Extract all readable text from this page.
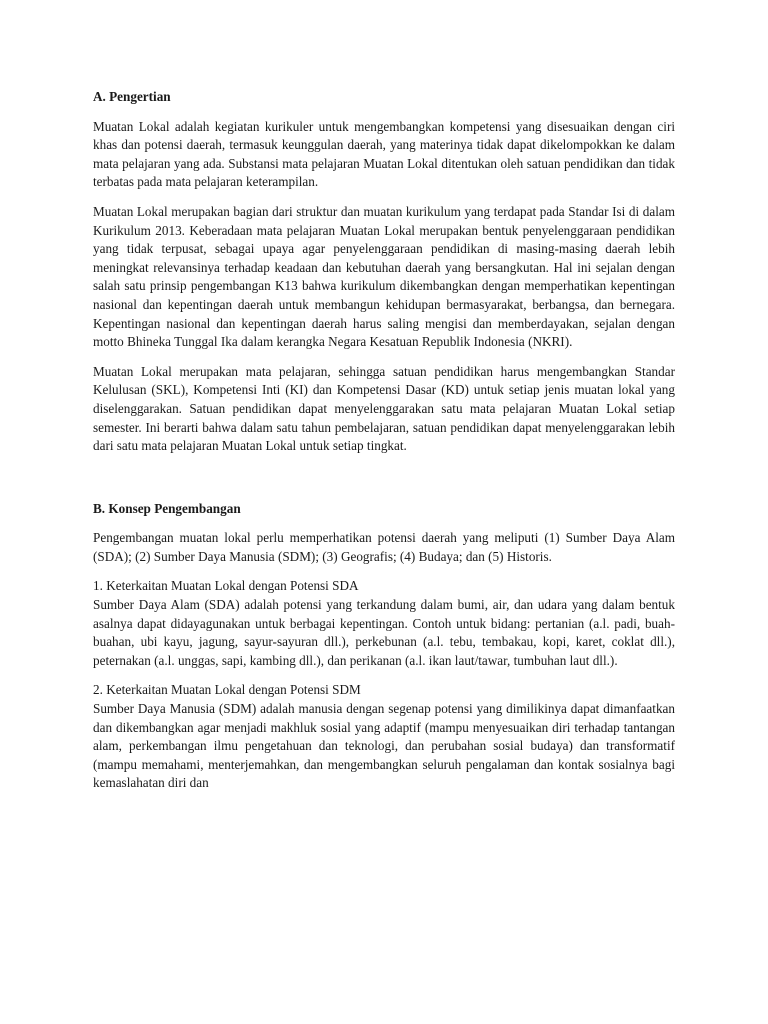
A. Pengertian

Muatan Lokal adalah kegiatan kurikuler untuk mengembangkan kompetensi yang disesuaikan dengan ciri khas dan potensi daerah, termasuk keunggulan daerah, yang materinya tidak dapat dikelompokkan ke dalam mata pelajaran yang ada. Substansi mata pelajaran Muatan Lokal ditentukan oleh satuan pendidikan dan tidak terbatas pada mata pelajaran keterampilan.

Muatan Lokal merupakan bagian dari struktur dan muatan kurikulum yang terdapat pada Standar Isi di dalam Kurikulum 2013. Keberadaan mata pelajaran Muatan Lokal merupakan bentuk penyelenggaraan pendidikan yang tidak terpusat, sebagai upaya agar penyelenggaraan pendidikan di masing-masing daerah lebih meningkat relevansinya terhadap keadaan dan kebutuhan daerah yang bersangkutan. Hal ini sejalan dengan salah satu prinsip pengembangan K13 bahwa kurikulum dikembangkan dengan memperhatikan kepentingan nasional dan kepentingan daerah untuk membangun kehidupan bermasyarakat, berbangsa, dan bernegara. Kepentingan nasional dan kepentingan daerah harus saling mengisi dan memberdayakan, sejalan dengan motto Bhineka Tunggal Ika dalam kerangka Negara Kesatuan Republik Indonesia (NKRI).

Muatan Lokal merupakan mata pelajaran, sehingga satuan pendidikan harus mengembangkan Standar Kelulusan (SKL), Kompetensi Inti (KI) dan Kompetensi Dasar (KD) untuk setiap jenis muatan lokal yang diselenggarakan. Satuan pendidikan dapat menyelenggarakan satu mata pelajaran Muatan Lokal setiap semester. Ini berarti bahwa dalam satu tahun pembelajaran, satuan pendidikan dapat menyelenggarakan lebih dari satu mata pelajaran Muatan Lokal untuk setiap tingkat.

B. Konsep Pengembangan

Pengembangan muatan lokal perlu memperhatikan potensi daerah yang meliputi (1) Sumber Daya Alam (SDA); (2) Sumber Daya Manusia (SDM); (3) Geografis; (4) Budaya; dan (5) Historis.

1. Keterkaitan Muatan Lokal dengan Potensi SDA

Sumber Daya Alam (SDA) adalah potensi yang terkandung dalam bumi, air, dan udara yang dalam bentuk asalnya dapat didayagunakan untuk berbagai kepentingan. Contoh untuk bidang: pertanian (a.l. padi, buah-buahan, ubi kayu, jagung, sayur-sayuran dll.), perkebunan (a.l. tebu, tembakau, kopi, karet, coklat dll.), peternakan (a.l. unggas, sapi, kambing dll.), dan perikanan (a.l. ikan laut/tawar, tumbuhan laut dll.).

2. Keterkaitan Muatan Lokal dengan Potensi SDM

Sumber Daya Manusia (SDM) adalah manusia dengan segenap potensi yang dimilikinya dapat dimanfaatkan dan dikembangkan agar menjadi makhluk sosial yang adaptif (mampu menyesuaikan diri terhadap tantangan alam, perkembangan ilmu pengetahuan dan teknologi, dan perubahan sosial budaya) dan transformatif (mampu memahami, menterjemahkan, dan mengembangkan seluruh pengalaman dan kontak sosialnya bagi kemaslahatan diri dan
